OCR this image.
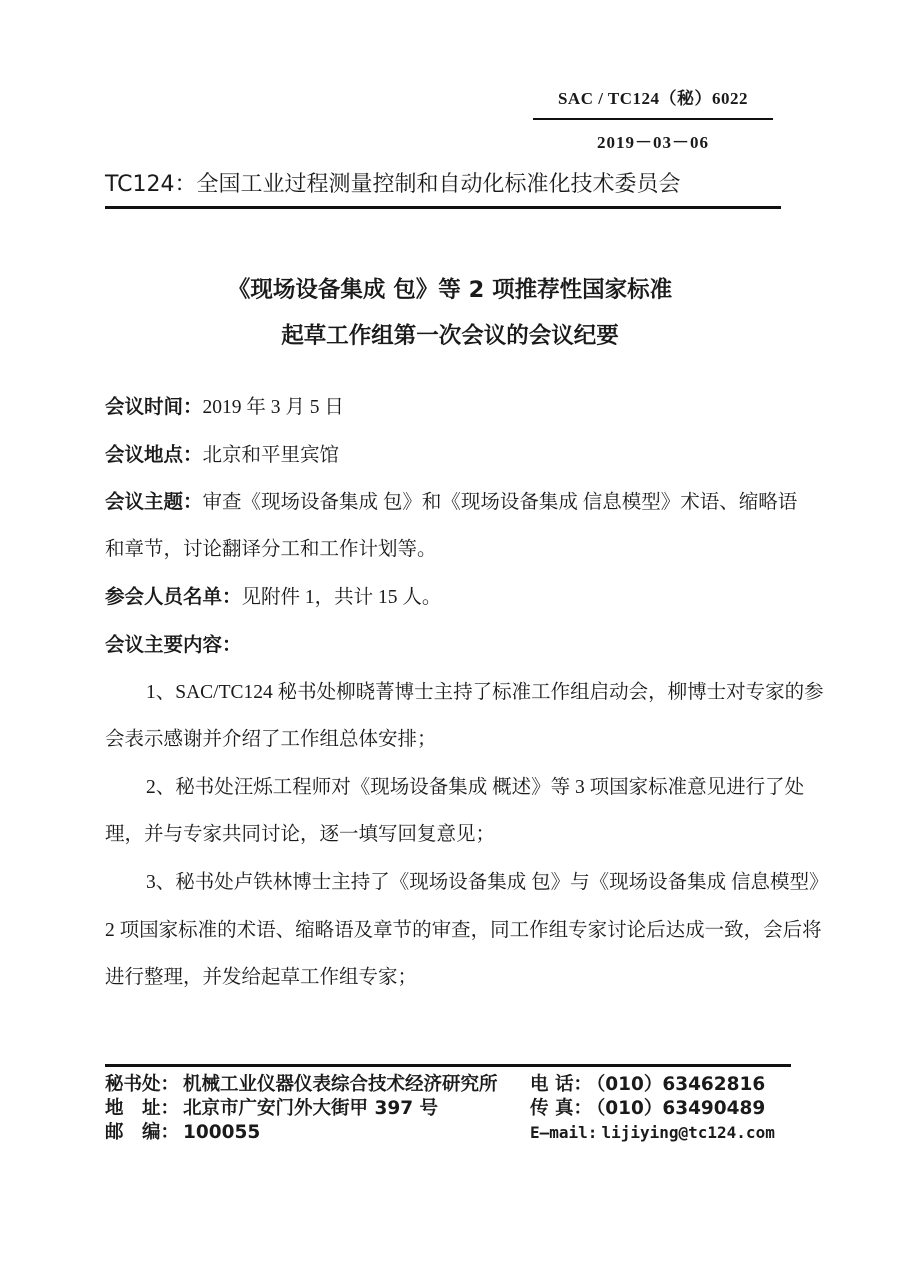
SAC / TC124（秘）6022
2019－03－06
TC124：全国工业过程测量控制和自动化标准化技术委员会
《现场设备集成 包》等 2 项推荐性国家标准
起草工作组第一次会议的会议纪要
会议时间：2019 年 3 月 5 日
会议地点：北京和平里宾馆
会议主题：审查《现场设备集成 包》和《现场设备集成 信息模型》术语、缩略语
和章节，讨论翻译分工和工作计划等。
参会人员名单：见附件 1，共计 15 人。
会议主要内容：
1、SAC/TC124 秘书处柳晓菁博士主持了标准工作组启动会，柳博士对专家的参
会表示感谢并介绍了工作组总体安排；
2、秘书处汪烁工程师对《现场设备集成 概述》等 3 项国家标准意见进行了处
理，并与专家共同讨论，逐一填写回复意见；
3、秘书处卢铁林博士主持了《现场设备集成 包》与《现场设备集成 信息模型》
2 项国家标准的术语、缩略语及章节的审查，同工作组专家讨论后达成一致，会后将
进行整理，并发给起草工作组专家；
秘书处： 机械工业仪器仪表综合技术经济研究所
地　址： 北京市广安门外大街甲 397 号
邮　编： 100055
电 话： （010）63462816
传 真： （010）63490489
E—mail: lijiying@tc124.com
